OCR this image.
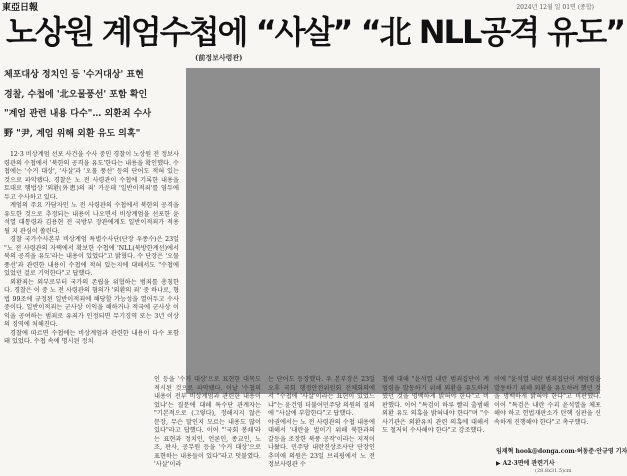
東亞日報	2024년 12월 일 01면 (종합)
노상원 계엄수첩에 “사살” “北 NLL공격 유도”
(前정보사령관)

체포대상 정치인 등 '수거대상' 표현

경찰, 수첩에 '北오물풍선' 포함 확인

"계엄 관련 내용 다수"… 외환죄 수사

野 "尹, 계엄 위해 외환 유도 의혹"

12·3 비상계엄 선포 사건을 수사 중인 경찰이 노상원 전 정보사령관의 수첩에서 '북한의 공격을 유도'한다는 내용을 확인했다. 수첩에는 '수거 대상', '사살'과 '오물 풍선' 등의 단어도 적혀 있는 것으로 파악됐다. 경찰은 노 전 사령관이 수첩에 기록한 내용을 토대로 햄법상 '외환(外患)의 죄' 가운데 '일반이적죄'를 염두에 두고 수사하고 있다.

계엄의 주요 가담자인 노 전 사령관의 수첩에서 북한의 공격을 유도한 것으로 추정되는 내용이 나오면서 비상계엄을 선포한 윤석열 대통령과 김용현 전 국방부 장관에게도 일반이적죄가 적용될 지 관심이 쏠린다.

경찰 국가수사본부 비상계엄 특별수사단(단장 우종수)은 23일 "노 전 사령관의 자택에서 확보한 수첩에 'NLL(북방한계선)에서 북의 공격을 유도'라는 내용이 있었다"고 밝혔다. 수 단장은 '오물 풍선'과 관련한 내용이 수첩에 적혀 있는지에 대해서도 "수첩에 있었던 걸로 기억한다"고 답했다.

외환죄는 외부로부터 국가의 존립을 위협하는 범죄를 총칭한다. 경찰은 이 중 노 전 사령관의 혐의가 '외환의 죄' 중 하나로, 형법 99조에 규정된 일반이적죄에 해당할 가능성을 열어두고 수사 중이다. 일반이적죄는 군사상 이익을 해하거나 적국에 군사상 이익을 공여하는 범죄로 유죄가 인정되면 무기징역 또는 3년 이상의 징역에 처해진다.

경찰에 따르면 수첩에는 비상계엄과 관련한 내용이 다수 포함돼 있었다. 수첩 속에 명시된 정치

인 등을 '수거 대상'으로 표현한 대목도 적시된 것으로 파악됐다. 이날 '수첩의 내용이 전부 비상계엄과 관련한 내용이었냐'는 질문에 대해 특수단 관계자는 "기본적으로 (그렇다), 정해지지 않은 문장, 무슨 말인지 모르는 내용도 많이 있다"라고 답했다. 이어 "'국회 봉쇄'라는 표현과 정치인, 언론인, 종교인, 노조, 판사, 공무원 등을 '수거 대상'으로 표현하는 내용들이 있다"라고 덧붙였다. '사살'이라

는 단어도 등장했다. 우 본부장은 23일 오후 국회 행정안전위원회 전체회의에서 "수첩에 '사살'이라는 표현이 있었느냐"는 윤건영 더불어민주당 의원의 질의에 "사살에 부합한다"고 답했다.
야권에서는 노 전 사령관의 수첩 내용에 대해서 '내란을 벌이기 위해 북한과의 갈등을 조장한 북풍 공작'이라는 지적이 나왔다. 민주당 내란진상조사단 단장인 추미애 의원은 23일 브리핑에서 노 전 정보사령관 수

첩에 대해 "윤석열 내란 범죄집단이 계엄령을 발동하기 위해 외환을 유도하려 했던 것을 명백하게 밝혀야 한다"고 비판했다. 이어 "특검이 하루 빨리 출범해 외환 유도 의혹을 밝혀내야 한다"며 "수사기관은 외환유치 관련 의혹에 대해서도 철저히 수사해야 한다"고 강조했다.

이에 "윤석열 내란 범죄집단이 계엄령을 발동하기 위해 외환을 유도하려 했던 것을 명백하게 밝혀야 한다"고 비판했다. 이어 "특검은 내란 수괴 윤석열을 체포해야 하고 헌법재판소가 탄핵 심판을 신속하게 진행해야 한다"고 촉구했다.

임재혁 hook@donga.com·허동준·안규영 기자
▶ A2·3면에 관련기사
(28.8x31.5)cm
